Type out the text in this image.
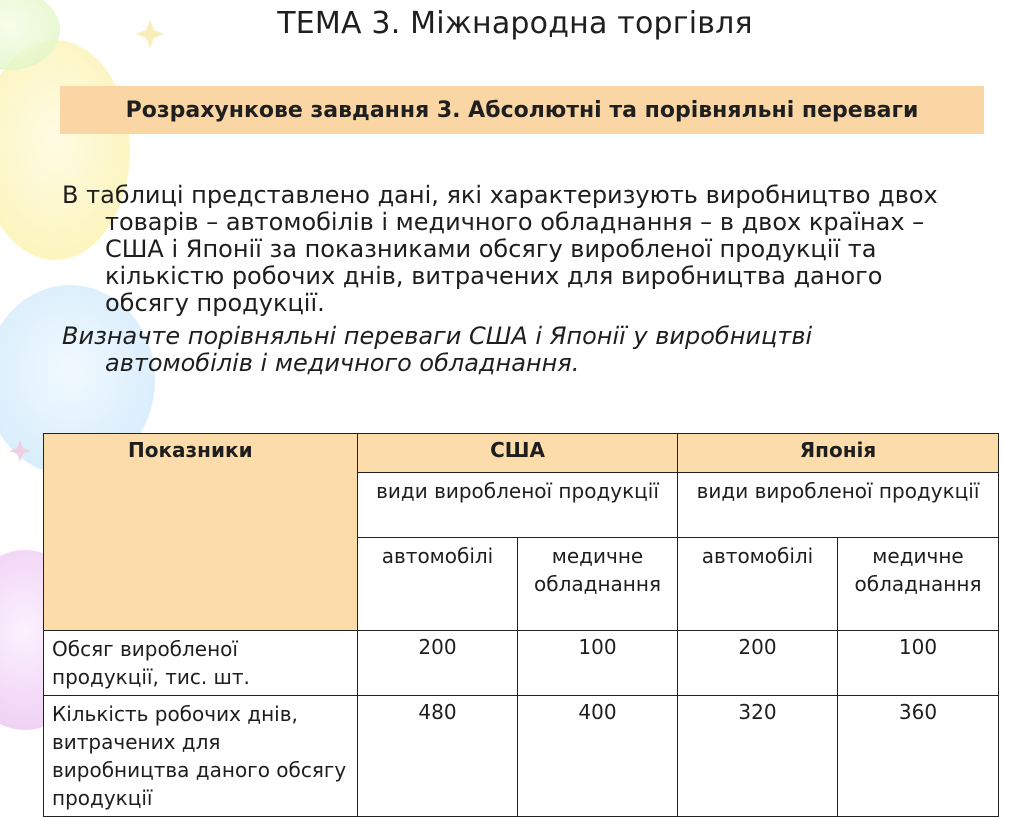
ТЕМА 3. Міжнародна торгівля
Розрахункове завдання 3. Абсолютні та порівняльні переваги

В таблиці представлено дані, які характеризують виробництво двох товарів – автомобілів і медичного обладнання – в двох країнах – США і Японії за показниками обсягу виробленої продукції та кількістю робочих днів, витрачених для виробництва даного обсягу продукції.

Визначте порівняльні переваги США і Японії у виробництві автомобілів і медичного обладнання.

Показники	США		Японія	
	види виробленої продукції		види виробленої продукції	
	автомобілі	медичне обладнання	автомобілі	медичне обладнання
Обсяг виробленої продукції, тис. шт.	200	100	200	100
Кількість робочих днів, витрачених для виробництва даного обсягу продукції	480	400	320	360
